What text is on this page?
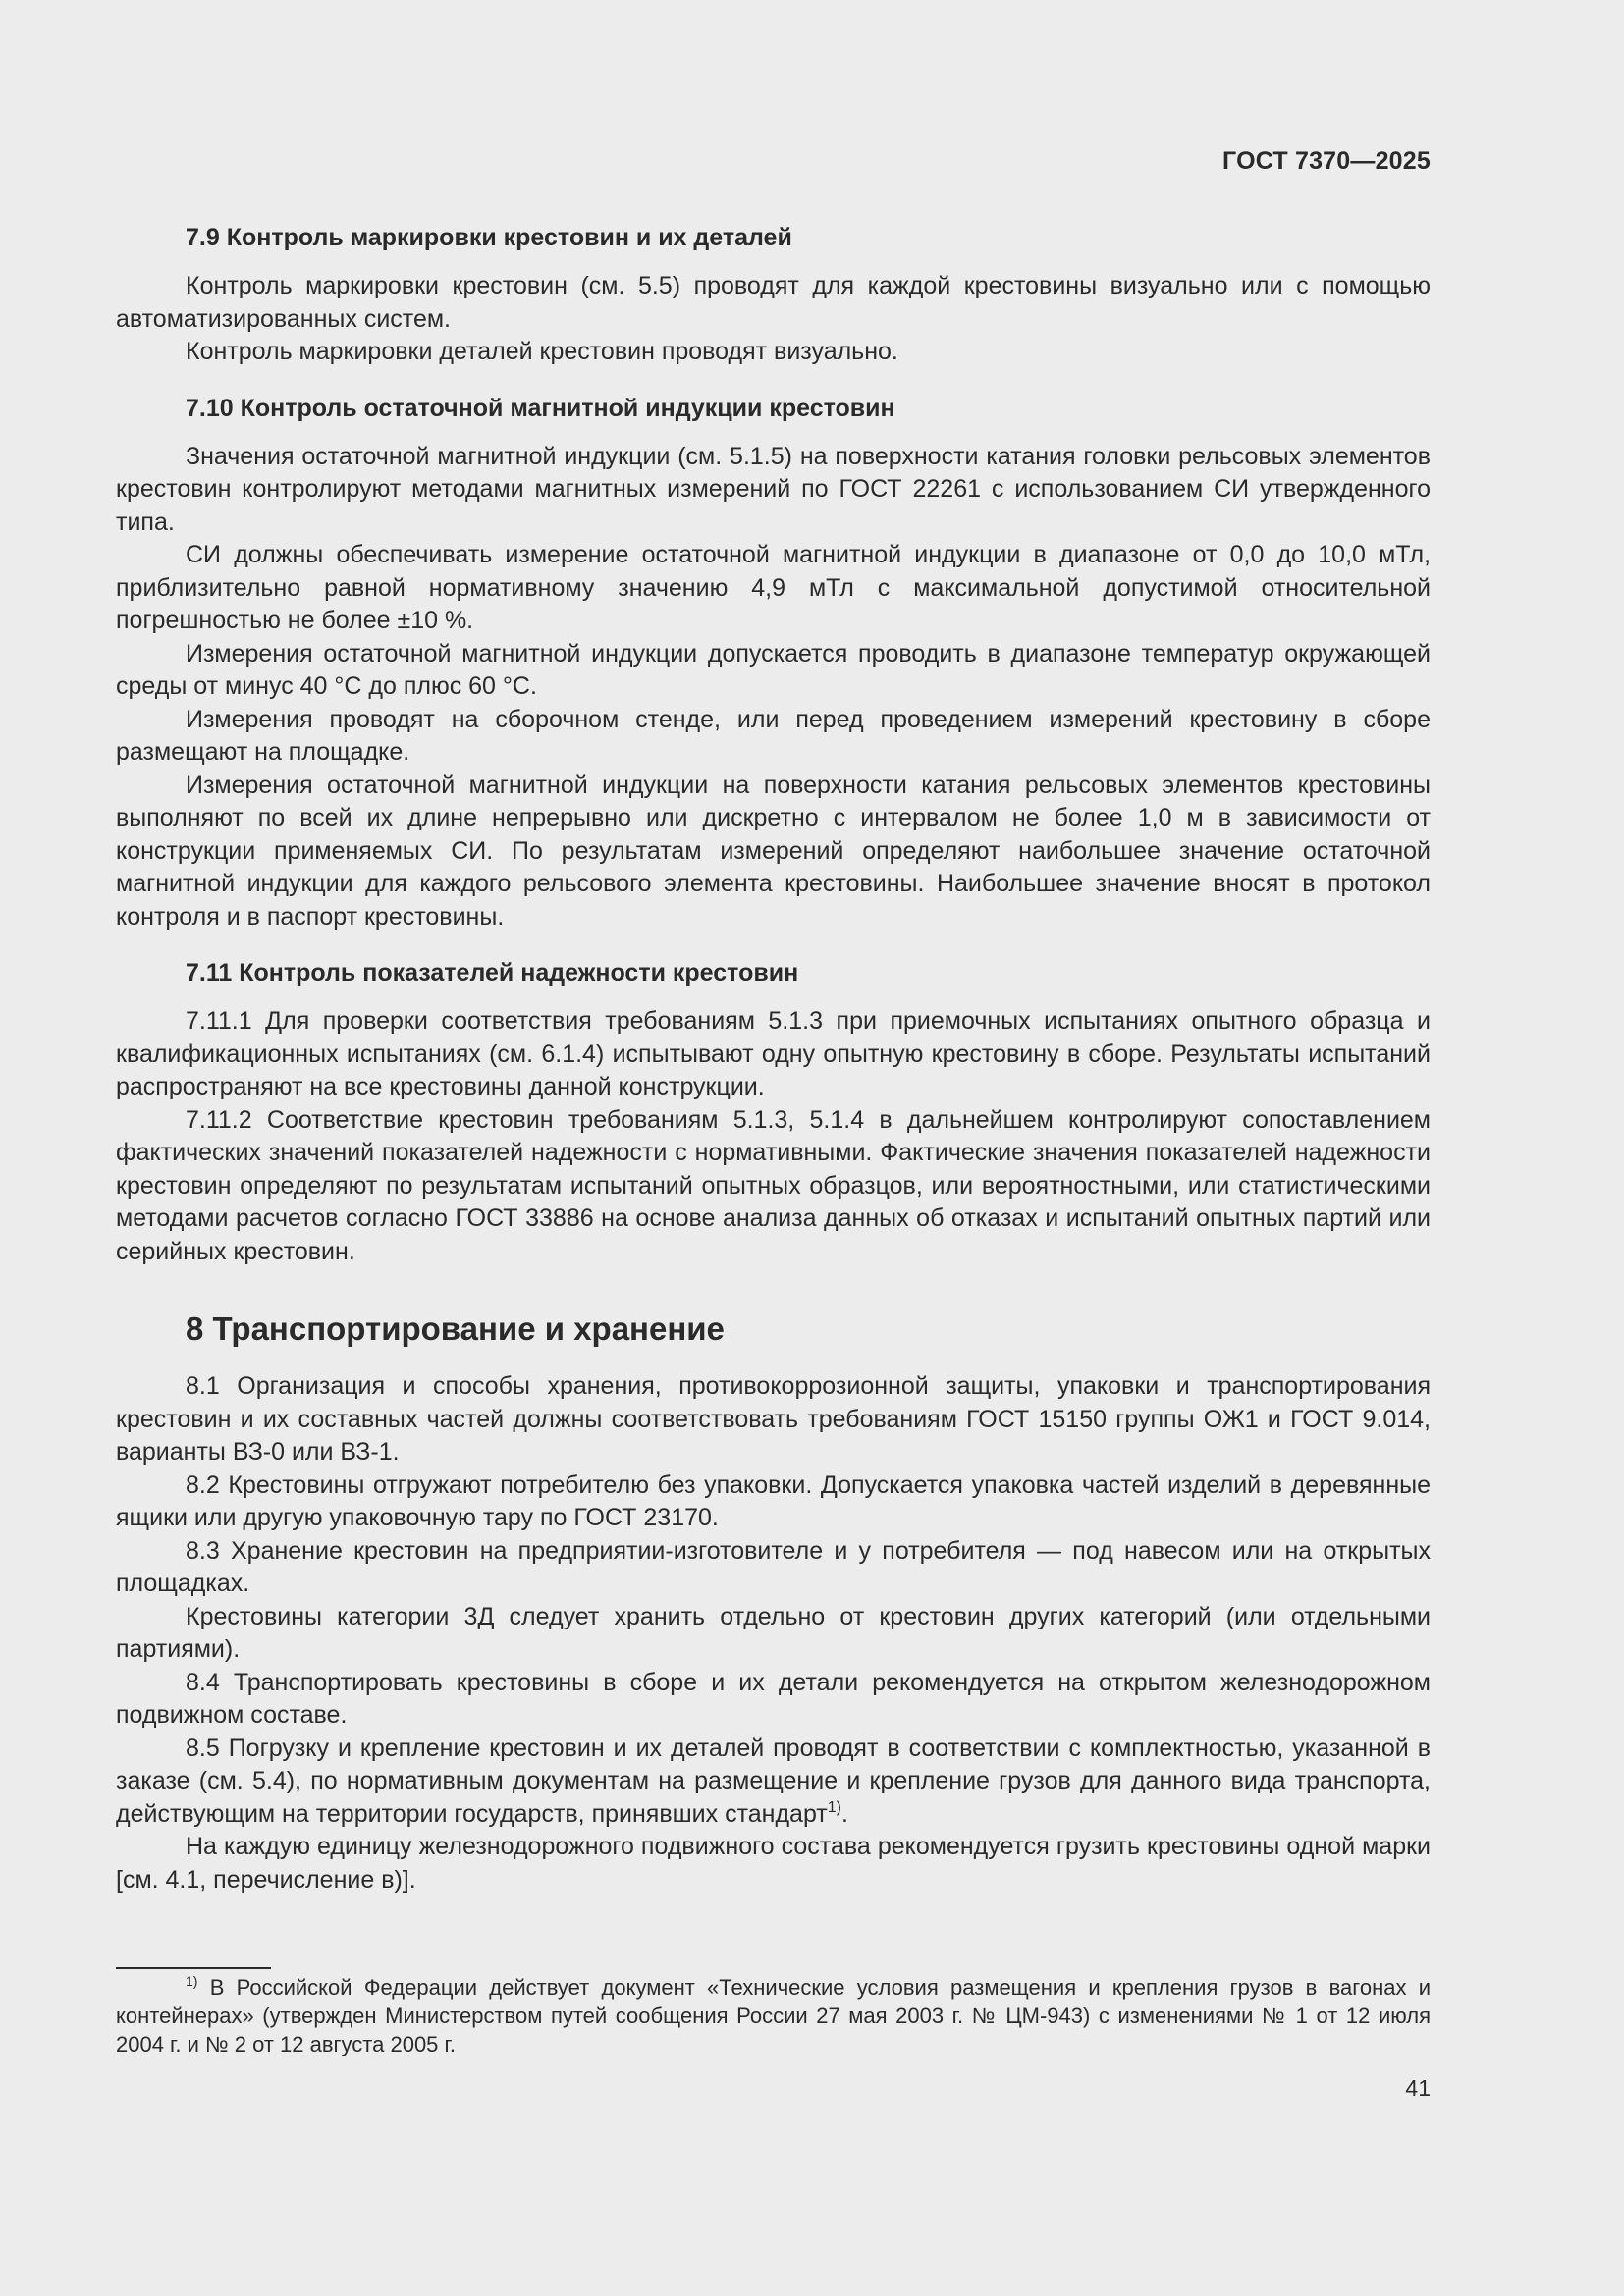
ГОСТ 7370—2025
7.9 Контроль маркировки крестовин и их деталей

Контроль маркировки крестовин (см. 5.5) проводят для каждой крестовины визуально или с помощью автоматизированных систем.

Контроль маркировки деталей крестовин проводят визуально.

7.10 Контроль остаточной магнитной индукции крестовин

Значения остаточной магнитной индукции (см. 5.1.5) на поверхности катания головки рельсовых элементов крестовин контролируют методами магнитных измерений по ГОСТ 22261 с использованием СИ утвержденного типа.

СИ должны обеспечивать измерение остаточной магнитной индукции в диапазоне от 0,0 до 10,0 мТл, приблизительно равной нормативному значению 4,9 мТл с максимальной допустимой относительной погрешностью не более ±10 %.

Измерения остаточной магнитной индукции допускается проводить в диапазоне температур окружающей среды от минус 40 °С до плюс 60 °С.

Измерения проводят на сборочном стенде, или перед проведением измерений крестовину в сборе размещают на площадке.

Измерения остаточной магнитной индукции на поверхности катания рельсовых элементов крестовины выполняют по всей их длине непрерывно или дискретно с интервалом не более 1,0 м в зависимости от конструкции применяемых СИ. По результатам измерений определяют наибольшее значение остаточной магнитной индукции для каждого рельсового элемента крестовины. Наибольшее значение вносят в протокол контроля и в паспорт крестовины.

7.11 Контроль показателей надежности крестовин

7.11.1 Для проверки соответствия требованиям 5.1.3 при приемочных испытаниях опытного образца и квалификационных испытаниях (см. 6.1.4) испытывают одну опытную крестовину в сборе. Результаты испытаний распространяют на все крестовины данной конструкции.

7.11.2 Соответствие крестовин требованиям 5.1.3, 5.1.4 в дальнейшем контролируют сопоставлением фактических значений показателей надежности с нормативными. Фактические значения показателей надежности крестовин определяют по результатам испытаний опытных образцов, или вероятностными, или статистическими методами расчетов согласно ГОСТ 33886 на основе анализа данных об отказах и испытаний опытных партий или серийных крестовин.

8 Транспортирование и хранение

8.1 Организация и способы хранения, противокоррозионной защиты, упаковки и транспортирования крестовин и их составных частей должны соответствовать требованиям ГОСТ 15150 группы ОЖ1 и ГОСТ 9.014, варианты ВЗ-0 или ВЗ-1.

8.2 Крестовины отгружают потребителю без упаковки. Допускается упаковка частей изделий в деревянные ящики или другую упаковочную тару по ГОСТ 23170.

8.3 Хранение крестовин на предприятии-изготовителе и у потребителя — под навесом или на открытых площадках.

Крестовины категории 3Д следует хранить отдельно от крестовин других категорий (или отдельными партиями).

8.4 Транспортировать крестовины в сборе и их детали рекомендуется на открытом железнодорожном подвижном составе.

8.5 Погрузку и крепление крестовин и их деталей проводят в соответствии с комплектностью, указанной в заказе (см. 5.4), по нормативным документам на размещение и крепление грузов для данного вида транспорта, действующим на территории государств, принявших стандарт$^{1)}$.

На каждую единицу железнодорожного подвижного состава рекомендуется грузить крестовины одной марки [см. 4.1, перечисление в)].

$^{1)}$ В Российской Федерации действует документ «Технические условия размещения и крепления грузов в вагонах и контейнерах» (утвержден Министерством путей сообщения России 27 мая 2003 г. № ЦМ-943) с изменениями № 1 от 12 июля 2004 г. и № 2 от 12 августа 2005 г.
41
